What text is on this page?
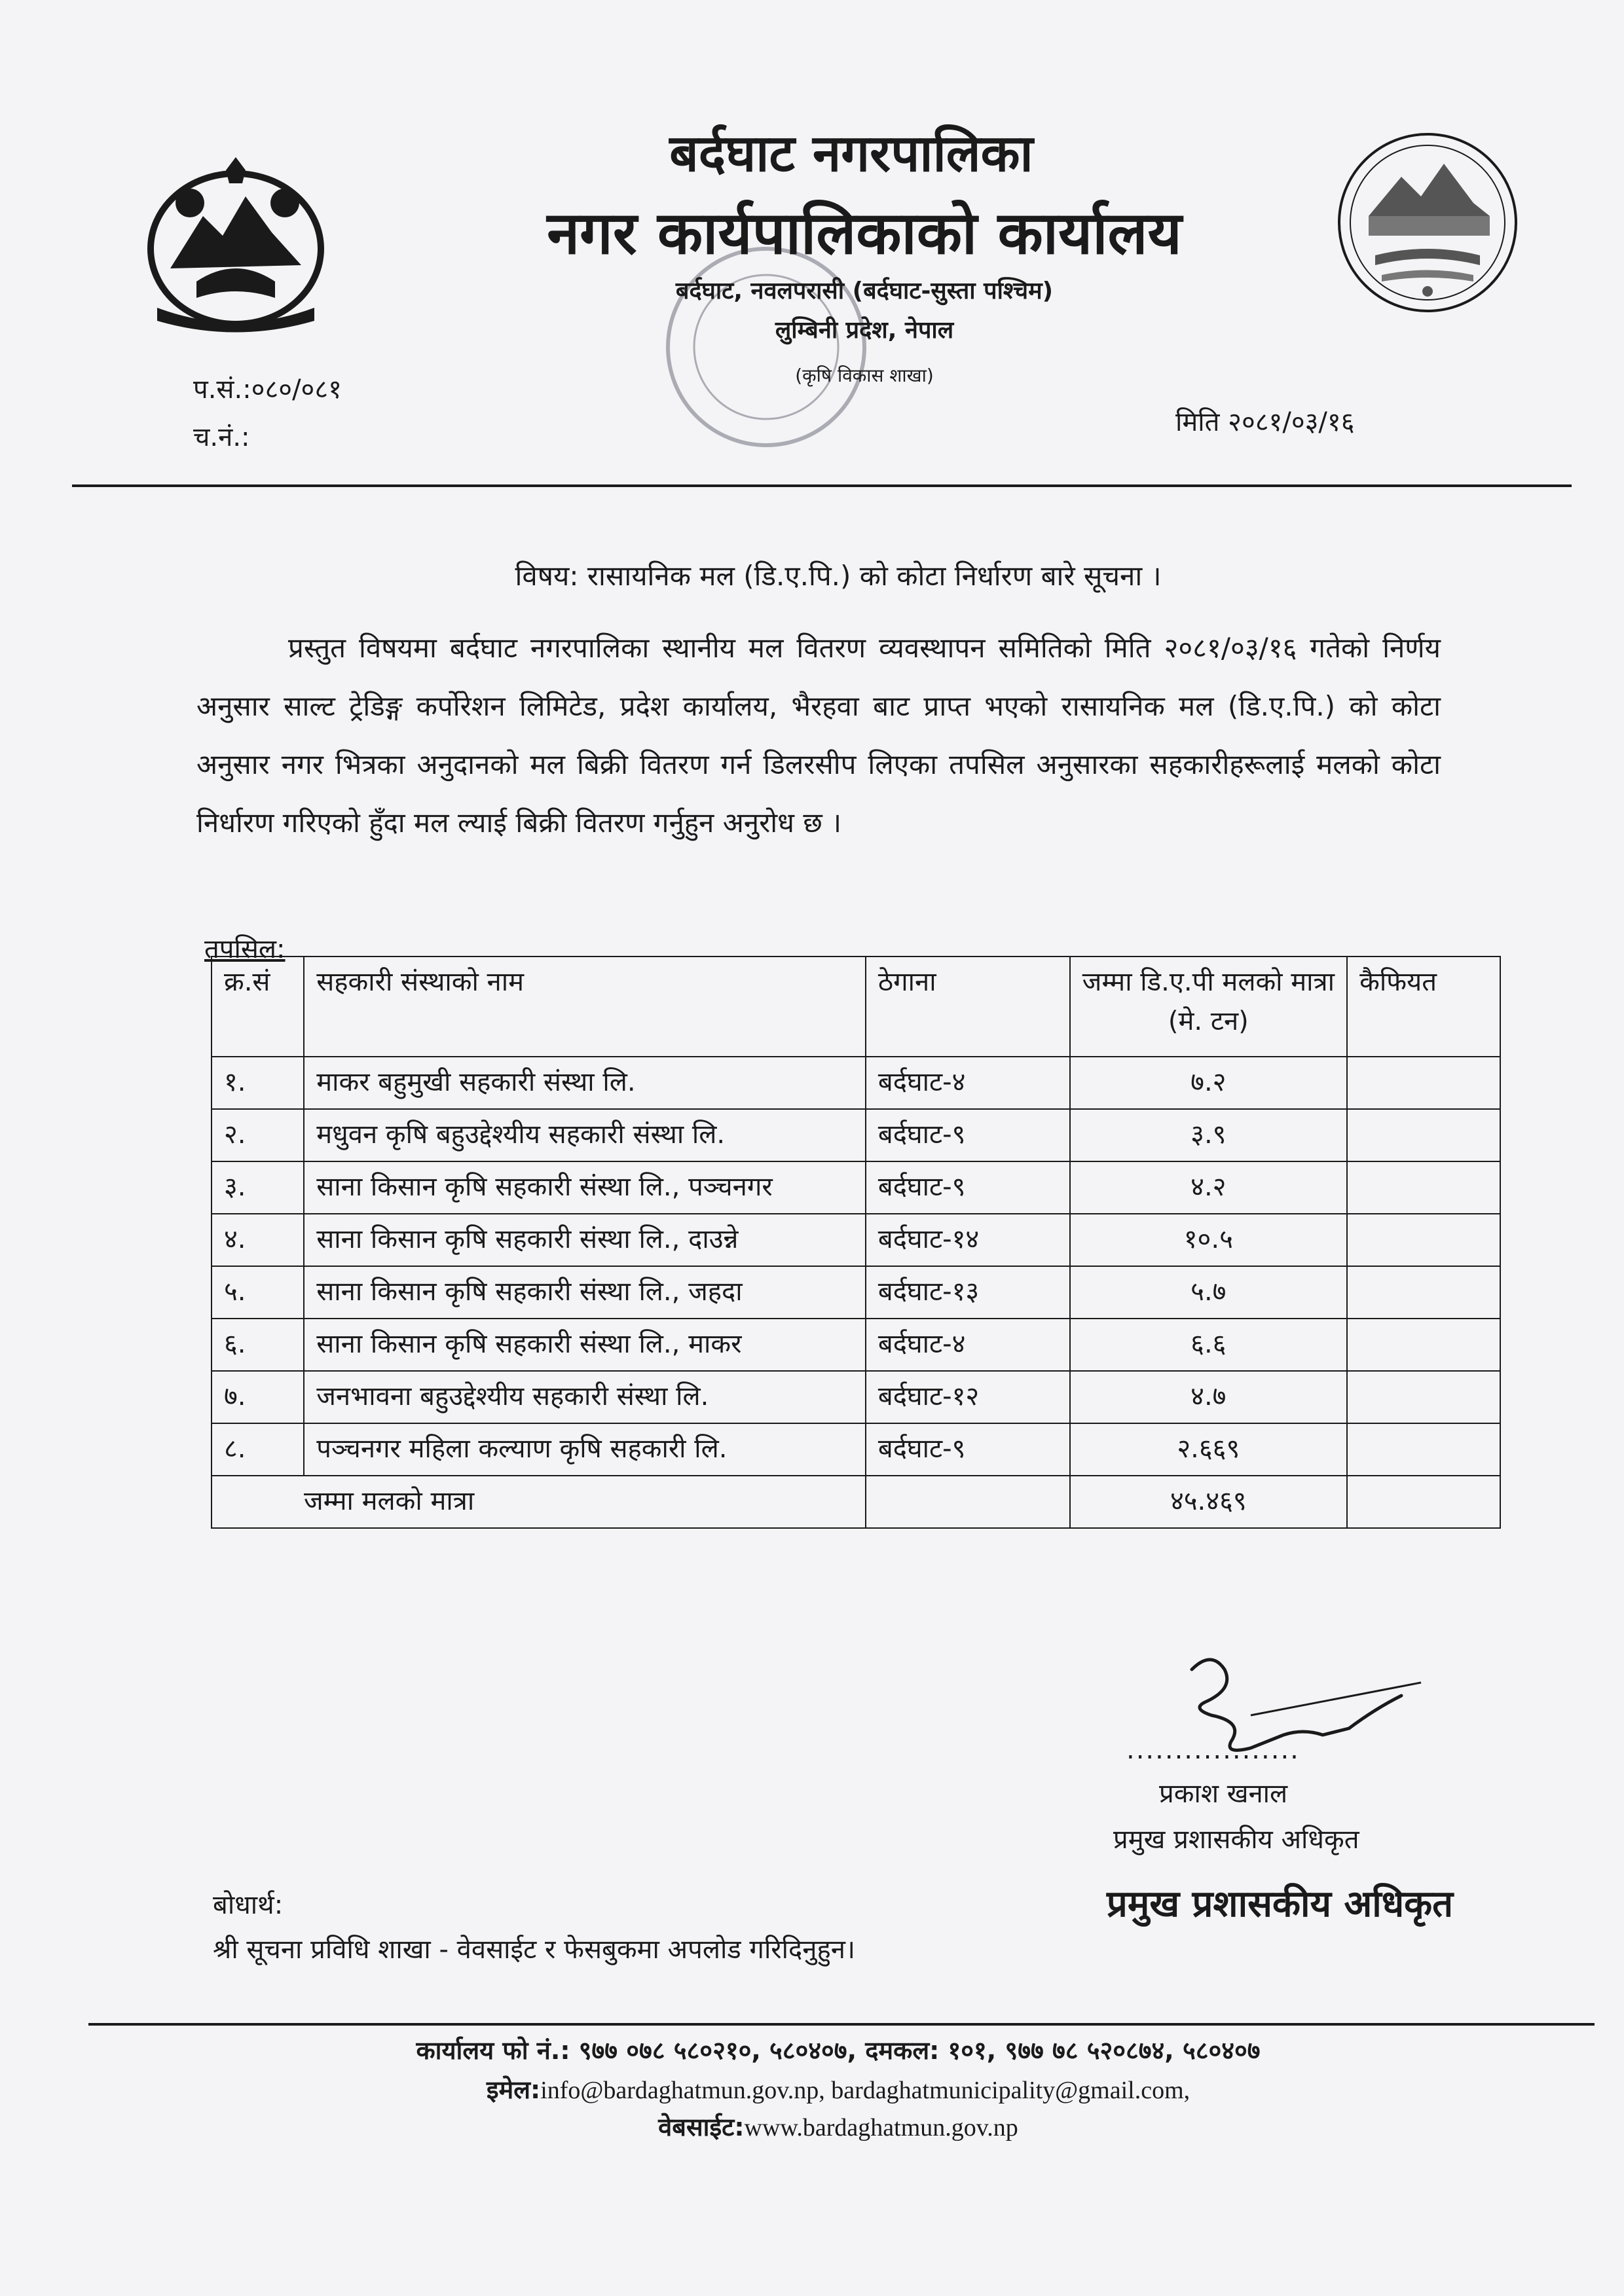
बर्दघाट नगरपालिका
नगर कार्यपालिकाको कार्यालय
बर्दघाट, नवलपरासी (बर्दघाट-सुस्ता पश्चिम)
लुम्बिनी प्रदेश, नेपाल
(कृषि विकास शाखा)
प.सं.:०८०/०८१
च.नं.:	मिति २०८१/०३/१६
विषय: रासायनिक मल (डि.ए.पि.) को कोटा निर्धारण बारे सूचना ।
प्रस्तुत विषयमा बर्दघाट नगरपालिका स्थानीय मल वितरण व्यवस्थापन समितिको मिति २०८१/०३/१६ गतेको निर्णय अनुसार साल्ट ट्रेडिङ्ग कर्पोरेशन लिमिटेड, प्रदेश कार्यालय, भैरहवा बाट प्राप्त भएको रासायनिक मल (डि.ए.पि.) को कोटा अनुसार नगर भित्रका अनुदानको मल बिक्री वितरण गर्न डिलरसीप लिएका तपसिल अनुसारका सहकारीहरूलाई मलको कोटा निर्धारण गरिएको हुँदा मल ल्याई बिक्री वितरण गर्नुहुन अनुरोध छ ।
तपसिल:
क्र.सं	सहकारी संस्थाको नाम	ठेगाना	जम्मा डि.ए.पी मलको मात्रा (मे. टन)	कैफियत
१.	माकर बहुमुखी सहकारी संस्था लि.	बर्दघाट-४	७.२	
२.	मधुवन कृषि बहुउद्देश्यीय सहकारी संस्था लि.	बर्दघाट-९	३.९	
३.	साना किसान कृषि सहकारी संस्था लि., पञ्चनगर	बर्दघाट-९	४.२	
४.	साना किसान कृषि सहकारी संस्था लि., दाउन्ने	बर्दघाट-१४	१०.५	
५.	साना किसान कृषि सहकारी संस्था लि., जहदा	बर्दघाट-१३	५.७	
६.	साना किसान कृषि सहकारी संस्था लि., माकर	बर्दघाट-४	६.६	
७.	जनभावना बहुउद्देश्यीय सहकारी संस्था लि.	बर्दघाट-१२	४.७	
८.	पञ्चनगर महिला कल्याण कृषि सहकारी लि.	बर्दघाट-९	२.६६९	
जम्मा मलको मात्रा			४५.४६९	
..................
प्रकाश खनाल
प्रमुख प्रशासकीय अधिकृत
प्रमुख प्रशासकीय अधिकृत
बोधार्थ:
श्री सूचना प्रविधि शाखा - वेवसाईट र फेसबुकमा अपलोड गरिदिनुहुन।
कार्यालय फो नं.: ९७७ ०७८ ५८०२१०, ५८०४०७, दमकल: १०१, ९७७ ७८ ५२०८७४, ५८०४०७
इमेल:info@bardaghatmun.gov.np, bardaghatmunicipality@gmail.com,
वेबसाईट:www.bardaghatmun.gov.np
